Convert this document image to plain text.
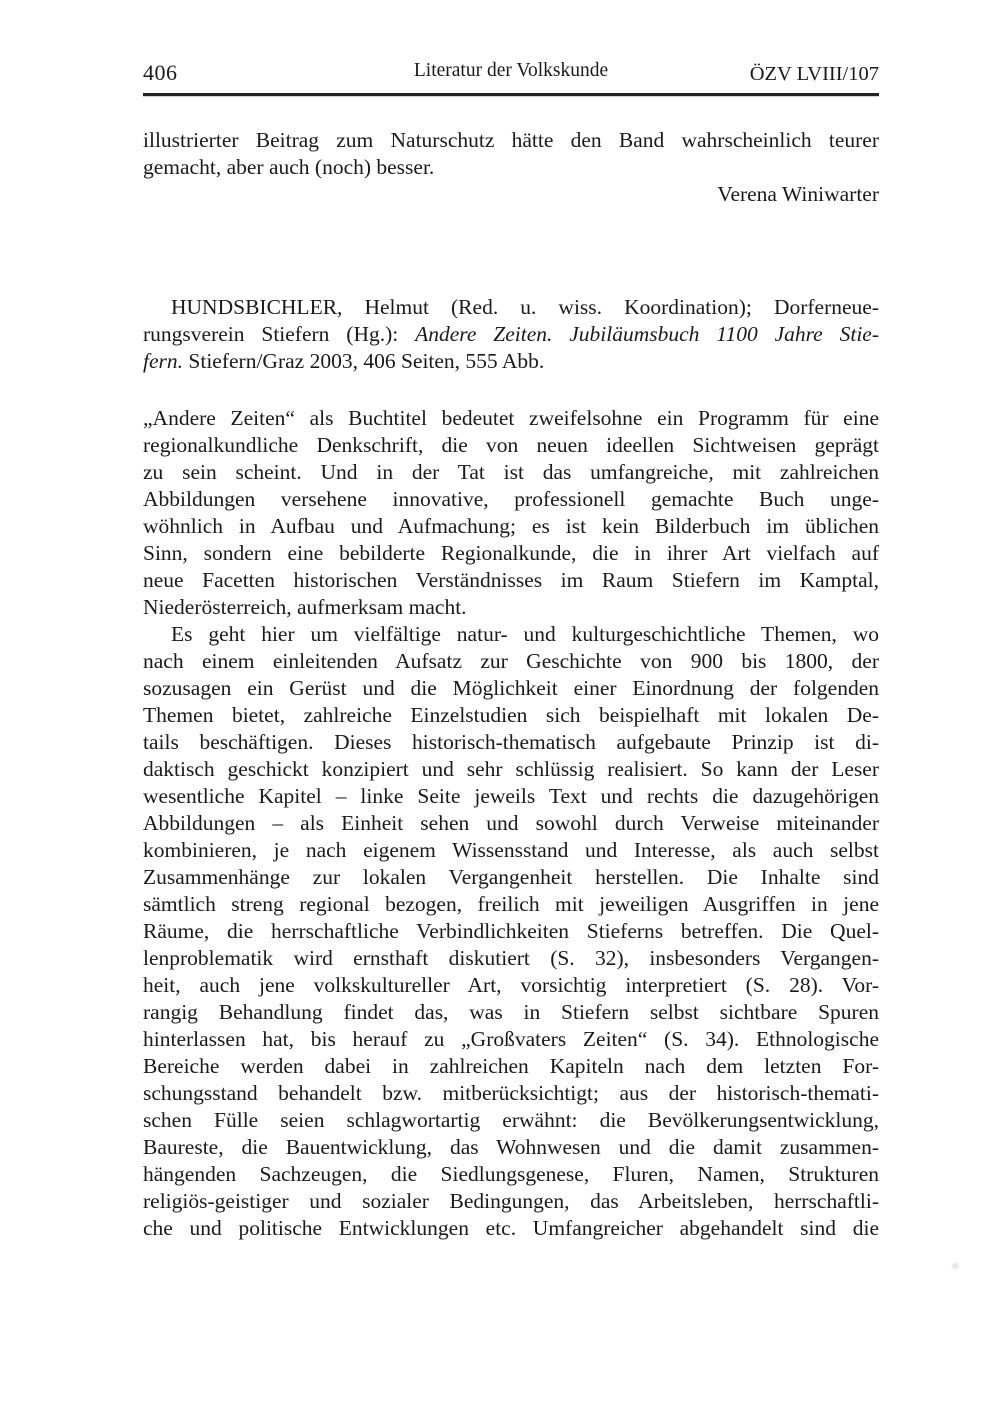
406	Literatur der Volkskunde	ÖZV LVIII/107
illustrierter Beitrag zum Naturschutz hätte den Band wahrscheinlich teurer
gemacht, aber auch (noch) besser.
Verena Winiwarter
HUNDSBICHLER, Helmut (Red. u. wiss. Koordination); Dorferneue-
rungsverein Stiefern (Hg.): Andere Zeiten. Jubiläumsbuch 1100 Jahre Stie-
fern. Stiefern/Graz 2003, 406 Seiten, 555 Abb.
„Andere Zeiten“ als Buchtitel bedeutet zweifelsohne ein Programm für eine
regionalkundliche Denkschrift, die von neuen ideellen Sichtweisen geprägt
zu sein scheint. Und in der Tat ist das umfangreiche, mit zahlreichen
Abbildungen versehene innovative, professionell gemachte Buch unge-
wöhnlich in Aufbau und Aufmachung; es ist kein Bilderbuch im üblichen
Sinn, sondern eine bebilderte Regionalkunde, die in ihrer Art vielfach auf
neue Facetten historischen Verständnisses im Raum Stiefern im Kamptal,
Niederösterreich, aufmerksam macht.
Es geht hier um vielfältige natur- und kulturgeschichtliche Themen, wo
nach einem einleitenden Aufsatz zur Geschichte von 900 bis 1800, der
sozusagen ein Gerüst und die Möglichkeit einer Einordnung der folgenden
Themen bietet, zahlreiche Einzelstudien sich beispielhaft mit lokalen De-
tails beschäftigen. Dieses historisch-thematisch aufgebaute Prinzip ist di-
daktisch geschickt konzipiert und sehr schlüssig realisiert. So kann der Leser
wesentliche Kapitel – linke Seite jeweils Text und rechts die dazugehörigen
Abbildungen – als Einheit sehen und sowohl durch Verweise miteinander
kombinieren, je nach eigenem Wissensstand und Interesse, als auch selbst
Zusammenhänge zur lokalen Vergangenheit herstellen. Die Inhalte sind
sämtlich streng regional bezogen, freilich mit jeweiligen Ausgriffen in jene
Räume, die herrschaftliche Verbindlichkeiten Stieferns betreffen. Die Quel-
lenproblematik wird ernsthaft diskutiert (S. 32), insbesonders Vergangen-
heit, auch jene volkskultureller Art, vorsichtig interpretiert (S. 28). Vor-
rangig Behandlung findet das, was in Stiefern selbst sichtbare Spuren
hinterlassen hat, bis herauf zu „Großvaters Zeiten“ (S. 34). Ethnologische
Bereiche werden dabei in zahlreichen Kapiteln nach dem letzten For-
schungsstand behandelt bzw. mitberücksichtigt; aus der historisch-themati-
schen Fülle seien schlagwortartig erwähnt: die Bevölkerungsentwicklung,
Baureste, die Bauentwicklung, das Wohnwesen und die damit zusammen-
hängenden Sachzeugen, die Siedlungsgenese, Fluren, Namen, Strukturen
religiös-geistiger und sozialer Bedingungen, das Arbeitsleben, herrschaftli-
che und politische Entwicklungen etc. Umfangreicher abgehandelt sind die
